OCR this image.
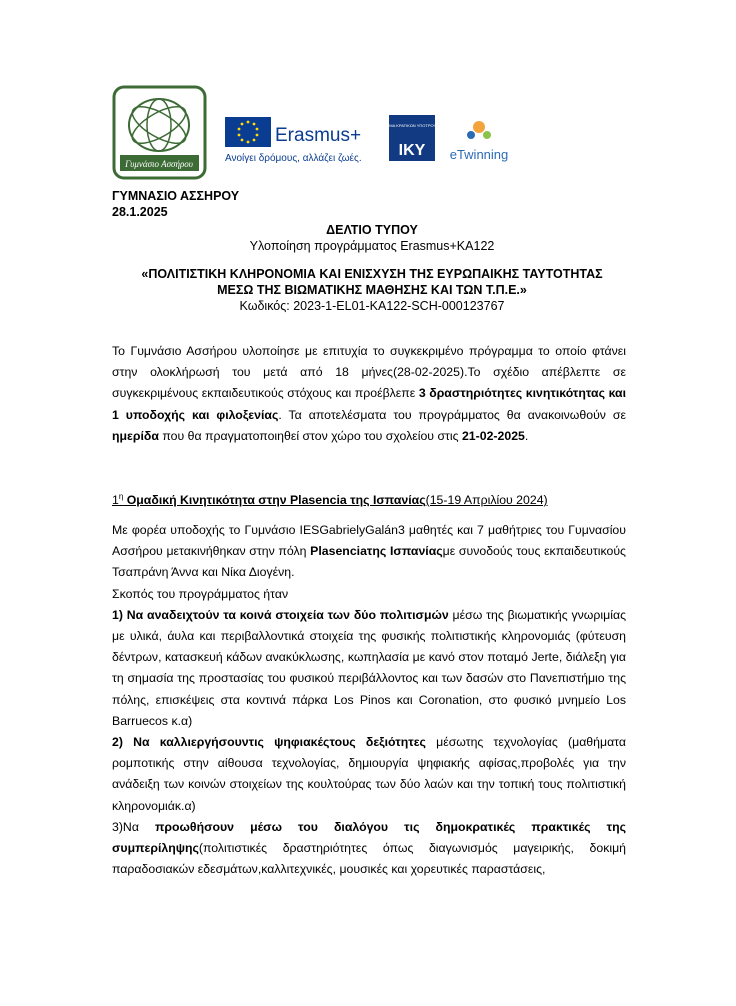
Γυμνάσιο Ασσήρου
Erasmus+
Ανοίγει δρόμους, αλλάζει ζωές.
ΙΔΡΥΜΑ ΚΡΑΤΙΚΩΝ ΥΠΟΤΡΟΦΙΩΝ
IKY eTwinning
ΓΥΜΝΑΣΙΟ ΑΣΣΗΡΟΥ
28.1.2025
ΔΕΛΤΙΟ ΤΥΠΟΥ
Υλοποίηση προγράμματος Erasmus+KA122
«ΠΟΛΙΤΙΣΤΙΚΗ ΚΛΗΡΟΝΟΜΙΑ ΚΑΙ ΕΝΙΣΧΥΣΗ ΤΗΣ ΕΥΡΩΠΑΙΚΗΣ ΤΑΥΤΟΤΗΤΑΣ
ΜΕΣΩ ΤΗΣ ΒΙΩΜΑΤΙΚΗΣ ΜΑΘΗΣΗΣ ΚΑΙ ΤΩΝ Τ.Π.Ε.»
Κωδικός: 2023-1-EL01-KA122-SCH-000123767
Το Γυμνάσιο Ασσήρου υλοποίησε με επιτυχία το συγκεκριμένο πρόγραμμα το οποίο φτάνει στην ολοκλήρωσή του μετά από 18 μήνες(28-02-2025).Το σχέδιο απέβλεπτε σε συγκεκριμένους εκπαιδευτικούς στόχους και προέβλεπε 3 δραστηριότητες κινητικότητας και 1 υποδοχής και φιλοξενίας. Τα αποτελέσματα του προγράμματος θα ανακοινωθούν σε ημερίδα που θα πραγματοποιηθεί στον χώρο του σχολείου στις 21-02-2025.
$1^\eta$ Ομαδική Κινητικότητα στην Plasencia της Ισπανίας(15-19 Απριλίου 2024)
Με φορέα υποδοχής το Γυμνάσιο IESGabrielyGalán3 μαθητές και 7 μαθήτριες του Γυμνασίου Ασσήρου μετακινήθηκαν στην πόλη Plasenciaτης Ισπανίαςμε συνοδούς τους εκπαιδευτικούς Τσαπράνη Άννα και Νίκα Διογένη.
Σκοπός του προγράμματος ήταν
1) Να αναδειχτούν τα κοινά στοιχεία των δύο πολιτισμών μέσω της βιωματικής γνωριμίας με υλικά, άυλα και περιβαλλοντικά στοιχεία της φυσικής πολιτιστικής κληρονομιάς (φύτευση δέντρων, κατασκευή κάδων ανακύκλωσης, κωπηλασία με κανό στον ποταμό Jerte, διάλεξη για τη σημασία της προστασίας του φυσικού περιβάλλοντος και των δασών στο Πανεπιστήμιο της πόλης, επισκέψεις στα κοντινά πάρκα Los Pinos και Coronation, στο φυσικό μνημείο Los Barruecos κ.α)
2) Να καλλιεργήσουντις ψηφιακέςτους δεξιότητες μέσωτης τεχνολογίας (μαθήματα ρομποτικής στην αίθουσα τεχνολογίας, δημιουργία ψηφιακής αφίσας,προβολές για την ανάδειξη των κοινών στοιχείων της κουλτούρας των δύο λαών και την τοπική τους πολιτιστική κληρονομιάκ.α)
3)Να προωθήσουν μέσω του διαλόγου τις δημοκρατικές πρακτικές της συμπερίληψης(πολιτιστικές δραστηριότητες όπως διαγωνισμός μαγειρικής, δοκιμή παραδοσιακών εδεσμάτων,καλλιτεχνικές, μουσικές και χορευτικές παραστάσεις,
